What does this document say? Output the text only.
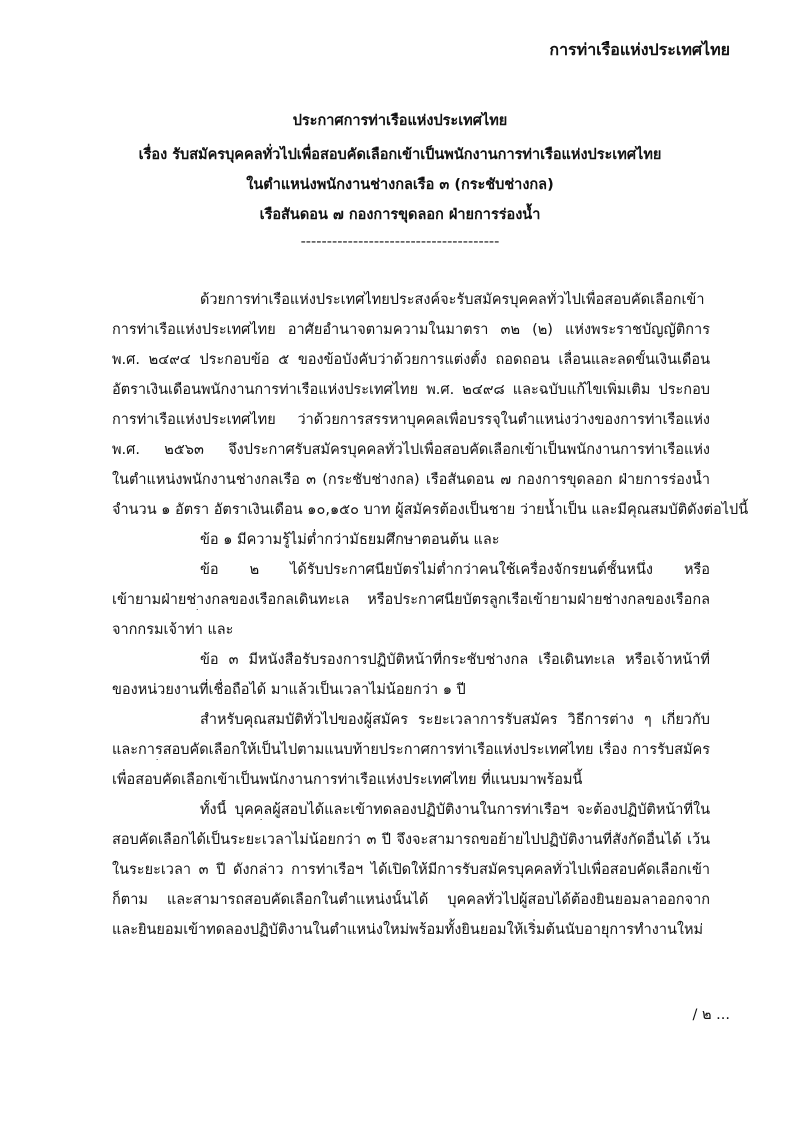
การท่าเรือแห่งประเทศไทย
ประกาศการท่าเรือแห่งประเทศไทย
เรื่อง รับสมัครบุคคลทั่วไปเพื่อสอบคัดเลือกเข้าเป็นพนักงานการท่าเรือแห่งประเทศไทย
ในตำแหน่งพนักงานช่างกลเรือ ๓ (กระชับช่างกล)
เรือสันดอน ๗ กองการขุดลอก ฝ่ายการร่องน้ำ
--------------------------------------
ด้วยการท่าเรือแห่งประเทศไทยประสงค์จะรับสมัครบุคคลทั่วไปเพื่อสอบคัดเลือกเข้า
การท่าเรือแห่งประเทศไทย อาศัยอำนาจตามความในมาตรา ๓๒ (๒) แห่งพระราชบัญญัติการ
พ.ศ. ๒๔๙๔ ประกอบข้อ ๕ ของข้อบังคับว่าด้วยการแต่งตั้ง ถอดถอน เลื่อนและลดขั้นเงินเดือน
อัตราเงินเดือนพนักงานการท่าเรือแห่งประเทศไทย พ.ศ. ๒๔๙๘ และฉบับแก้ไขเพิ่มเติม ประกอบ
การท่าเรือแห่งประเทศไทย ว่าด้วยการสรรหาบุคคลเพื่อบรรจุในตำแหน่งว่างของการท่าเรือแห่ง
พ.ศ. ๒๕๖๓ จึงประกาศรับสมัครบุคคลทั่วไปเพื่อสอบคัดเลือกเข้าเป็นพนักงานการท่าเรือแห่ง
ในตำแหน่งพนักงานช่างกลเรือ ๓ (กระชับช่างกล) เรือสันดอน ๗ กองการขุดลอก ฝ่ายการร่องน้ำ
จำนวน ๑ อัตรา อัตราเงินเดือน ๑๐,๑๕๐ บาท ผู้สมัครต้องเป็นชาย ว่ายน้ำเป็น และมีคุณสมบัติดังต่อไปนี้
ข้อ ๑ มีความรู้ไม่ต่ำกว่ามัธยมศึกษาตอนต้น และ
ข้อ ๒ ได้รับประกาศนียบัตรไม่ต่ำกว่าคนใช้เครื่องจักรยนต์ชั้นหนึ่ง หรือ
เข้ายามฝ่ายช่างกลของเรือกลเดินทะเล หรือประกาศนียบัตรลูกเรือเข้ายามฝ่ายช่างกลของเรือกล
จากกรมเจ้าท่า และ
ข้อ ๓ มีหนังสือรับรองการปฏิบัติหน้าที่กระชับช่างกล เรือเดินทะเล หรือเจ้าหน้าที่
ของหน่วยงานที่เชื่อถือได้ มาแล้วเป็นเวลาไม่น้อยกว่า ๑ ปี
สำหรับคุณสมบัติทั่วไปของผู้สมัคร ระยะเวลาการรับสมัคร วิธีการต่าง ๆ เกี่ยวกับ
และการสอบคัดเลือกให้เป็นไปตามแนบท้ายประกาศการท่าเรือแห่งประเทศไทย เรื่อง การรับสมัคร
เพื่อสอบคัดเลือกเข้าเป็นพนักงานการท่าเรือแห่งประเทศไทย ที่แนบมาพร้อมนี้
ทั้งนี้ บุคคลผู้สอบได้และเข้าทดลองปฏิบัติงานในการท่าเรือฯ จะต้องปฏิบัติหน้าที่ใน
สอบคัดเลือกได้เป็นระยะเวลาไม่น้อยกว่า ๓ ปี จึงจะสามารถขอย้ายไปปฏิบัติงานที่สังกัดอื่นได้ เว้น
ในระยะเวลา ๓ ปี ดังกล่าว การท่าเรือฯ ได้เปิดให้มีการรับสมัครบุคคลทั่วไปเพื่อสอบคัดเลือกเข้า
ก็ตาม และสามารถสอบคัดเลือกในตำแหน่งนั้นได้ บุคคลทั่วไปผู้สอบได้ต้องยินยอมลาออกจาก
และยินยอมเข้าทดลองปฏิบัติงานในตำแหน่งใหม่พร้อมทั้งยินยอมให้เริ่มต้นนับอายุการทำงานใหม่
/ ๒ ...
